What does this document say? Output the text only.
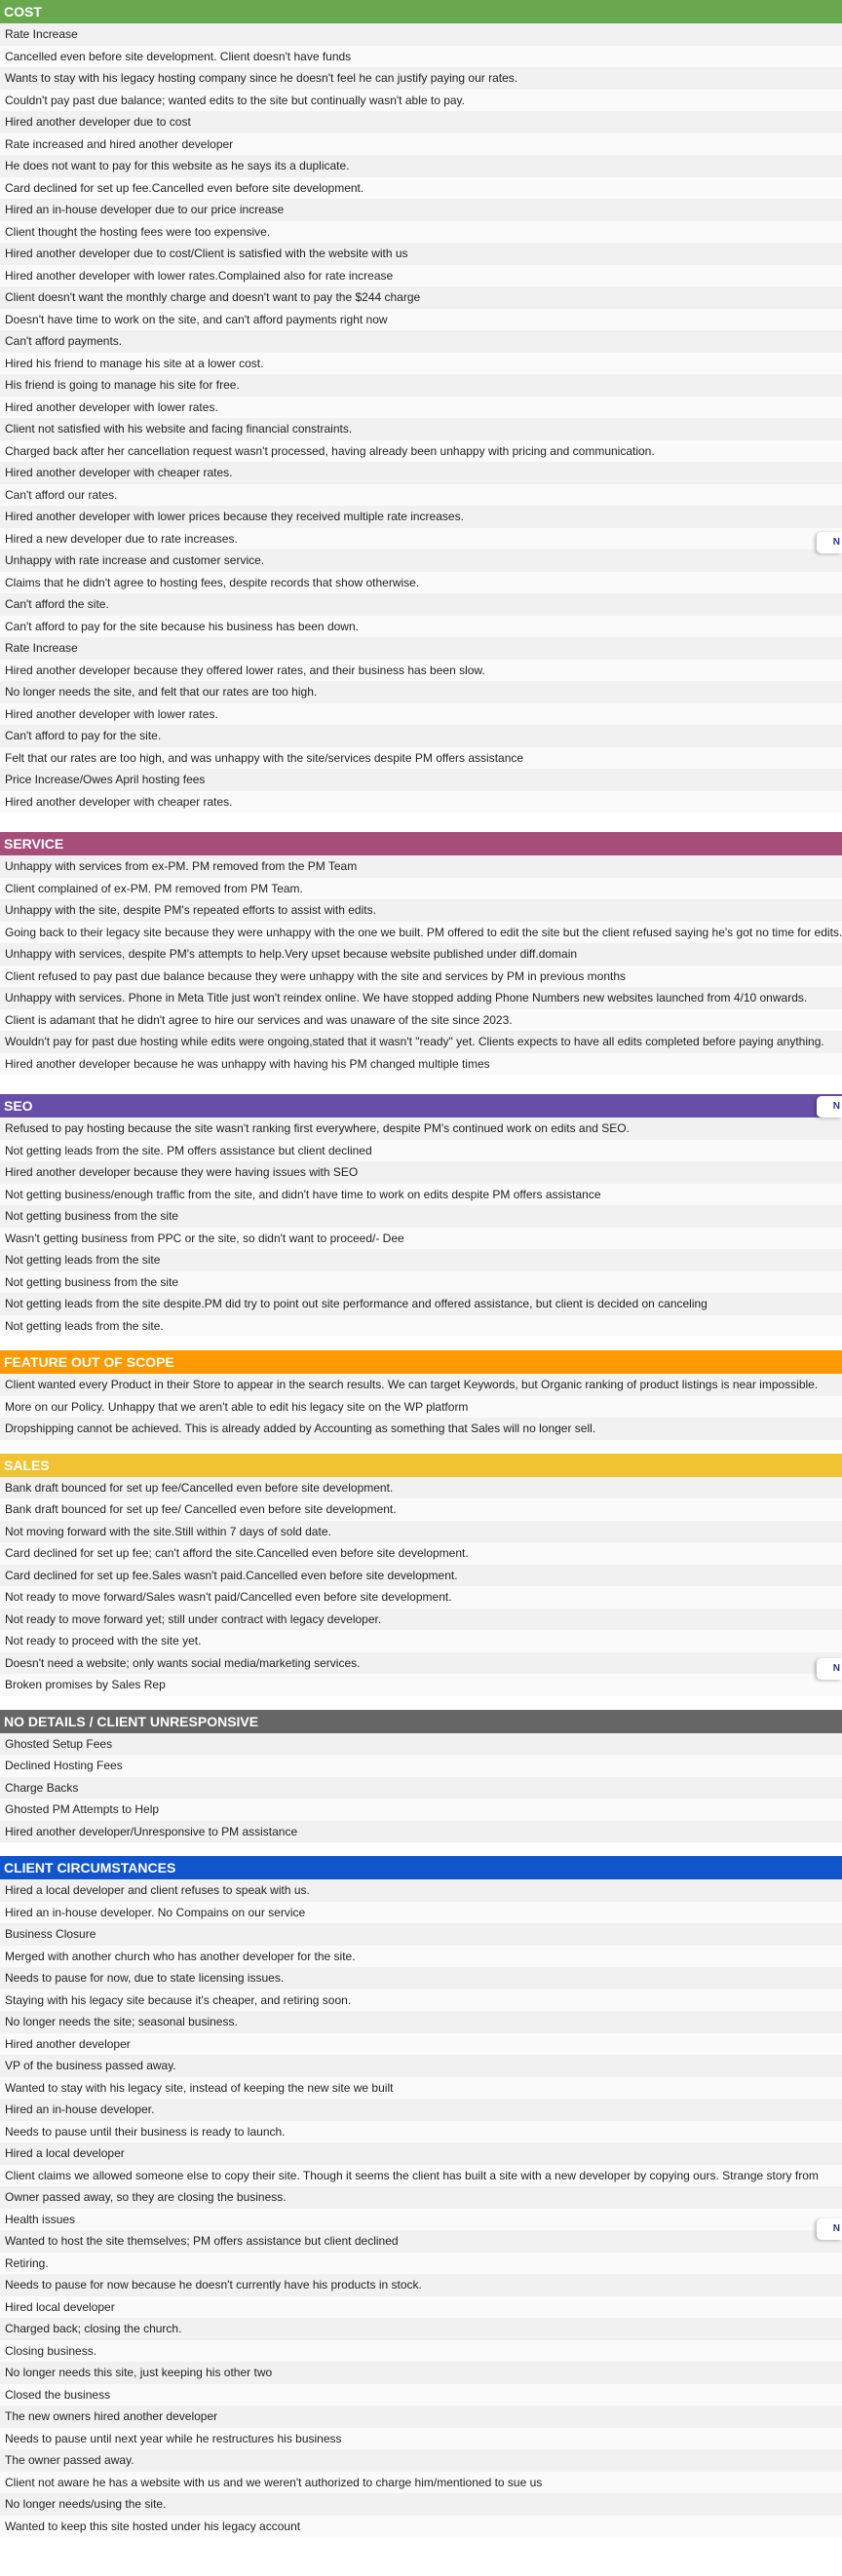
COST
Rate Increase
Cancelled even before site development. Client doesn't have funds
Wants to stay with his legacy hosting company since he doesn't feel he can justify paying our rates.
Couldn't pay past due balance; wanted edits to the site but continually wasn't able to pay.
Hired another developer due to cost
Rate increased and hired another developer
He does not want to pay for this website as he says its a duplicate.
Card declined for set up fee.Cancelled even before site development.
Hired an in-house developer due to our price increase
Client thought the hosting fees were too expensive.
Hired another developer due to cost/Client is satisfied with the website with us
Hired another developer with lower rates.Complained also for rate increase
Client doesn't want the monthly charge and doesn't want to pay the $244 charge
Doesn't have time to work on the site, and can't afford payments right now
Can't afford payments.
Hired his friend to manage his site at a lower cost.
His friend is going to manage his site for free.
Hired another developer with lower rates.
Client not satisfied with his website and facing financial constraints.
Charged back after her cancellation request wasn't processed, having already been unhappy with pricing and communication.
Hired another developer with cheaper rates.
Can't afford our rates.
Hired another developer with lower prices because they received multiple rate increases.
Hired a new developer due to rate increases.
Unhappy with rate increase and customer service.
Claims that he didn't agree to hosting fees, despite records that show otherwise.
Can't afford the site.
Can't afford to pay for the site because his business has been down.
Rate Increase
Hired another developer because they offered lower rates, and their business has been slow.
No longer needs the site, and felt that our rates are too high.
Hired another developer with lower rates.
Can't afford to pay for the site.
Felt that our rates are too high, and was unhappy with the site/services despite PM offers assistance
Price Increase/Owes April hosting fees
Hired another developer with cheaper rates.
SERVICE
Unhappy with services from ex-PM. PM removed from the PM Team
Client complained of ex-PM. PM removed from PM Team.
Unhappy with the site, despite PM's repeated efforts to assist with edits.
Going back to their legacy site because they were unhappy with the one we built. PM offered to edit the site but the client refused saying he's got no time for edits.
Unhappy with services, despite PM's attempts to help.Very upset because website published under diff.domain
Client refused to pay past due balance because they were unhappy with the site and services by PM in previous months
Unhappy with services. Phone in Meta Title just won't reindex online. We have stopped adding Phone Numbers new websites launched from 4/10 onwards.
Client is adamant that he didn't agree to hire our services and was unaware of the site since 2023.
Wouldn't pay for past due hosting while edits were ongoing,stated that it wasn't "ready" yet. Clients expects to have all edits completed before paying anything.
Hired another developer because he was unhappy with having his PM changed multiple times
SEO
Refused to pay hosting because the site wasn't ranking first everywhere, despite PM's continued work on edits and SEO.
Not getting leads from the site. PM offers assistance but client declined
Hired another developer because they were having issues with SEO
Not getting business/enough traffic from the site, and didn't have time to work on edits despite PM offers assistance
Not getting business from the site
Wasn't getting business from PPC or the site, so didn't want to proceed/- Dee
Not getting leads from the site
Not getting business from the site
Not getting leads from the site despite.PM did try to point out site performance and offered assistance, but client is decided on canceling
Not getting leads from the site.
FEATURE OUT OF SCOPE
Client wanted every Product in their Store to appear in the search results. We can target Keywords, but Organic ranking of product listings is near impossible.
More on our Policy. Unhappy that we aren't able to edit his legacy site on the WP platform
Dropshipping cannot be achieved. This is already added by Accounting as something that Sales will no longer sell.
SALES
Bank draft bounced for set up fee/Cancelled even before site development.
Bank draft bounced for set up fee/ Cancelled even before site development.
Not moving forward with the site.Still within 7 days of sold date.
Card declined for set up fee; can't afford the site.Cancelled even before site development.
Card declined for set up fee.Sales wasn't paid.Cancelled even before site development.
Not ready to move forward/Sales wasn't paid/Cancelled even before site development.
Not ready to move forward yet; still under contract with legacy developer.
Not ready to proceed with the site yet.
Doesn't need a website; only wants social media/marketing services.
Broken promises by Sales Rep
NO DETAILS / CLIENT UNRESPONSIVE
Ghosted Setup Fees
Declined Hosting Fees
Charge Backs
Ghosted PM Attempts to Help
Hired another developer/Unresponsive to PM assistance
CLIENT CIRCUMSTANCES
Hired a local developer and client refuses to speak with us.
Hired an in-house developer. No Compains on our service
Business Closure
Merged with another church who has another developer for the site.
Needs to pause for now, due to state licensing issues.
Staying with his legacy site because it's cheaper, and retiring soon.
No longer needs the site; seasonal business.
Hired another developer
VP of the business passed away.
Wanted to stay with his legacy site, instead of keeping the new site we built
Hired an in-house developer.
Needs to pause until their business is ready to launch.
Hired a local developer
Client claims we allowed someone else to copy their site. Though it seems the client has built a site with a new developer by copying ours. Strange story from
Owner passed away, so they are closing the business.
Health issues
Wanted to host the site themselves; PM offers assistance but client declined
Retiring.
Needs to pause for now because he doesn't currently have his products in stock.
Hired local developer
Charged back; closing the church.
Closing business.
No longer needs this site, just keeping his other two
Closed the business
The new owners hired another developer
Needs to pause until next year while he restructures his business
The owner passed away.
Client not aware he has a website with us and we weren't authorized to charge him/mentioned to sue us
No longer needs/using the site.
Wanted to keep this site hosted under his legacy account
N
N
N
N
